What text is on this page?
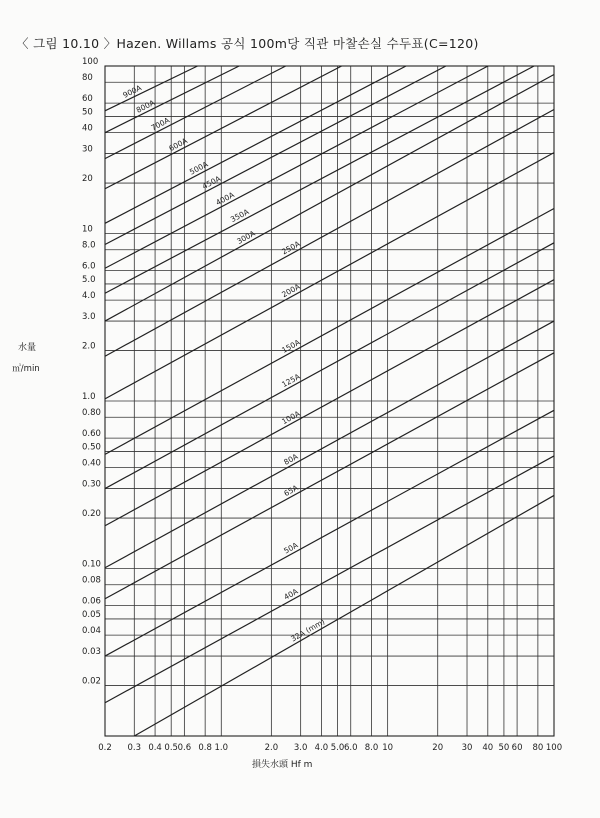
〈 그림 10.10 〉Hazen. Willams 공식 100m당 직관 마찰손실 수두표(C=120)
水量
㎥/min
損失水頭 Hf m
900A
800A
700A
600A
500A
450A
400A
350A
300A
250A
200A
150A
125A
100A
80A
65A
50A
40A
32A (mm)
0.2 0.3 0.4 0.5 0.6 0.8 1.0	2.0 3.0 4.0 5.0 6.0 8.0 10	20 30 40 50 60 80 100
100
80
60
50
40
30
20
10
8.0
6.0
5.0
4.0
3.0
2.0
1.0
0.80
0.60
0.50
0.40
0.30
0.20
0.10
0.08
0.06
0.05
0.04
0.03
0.02
